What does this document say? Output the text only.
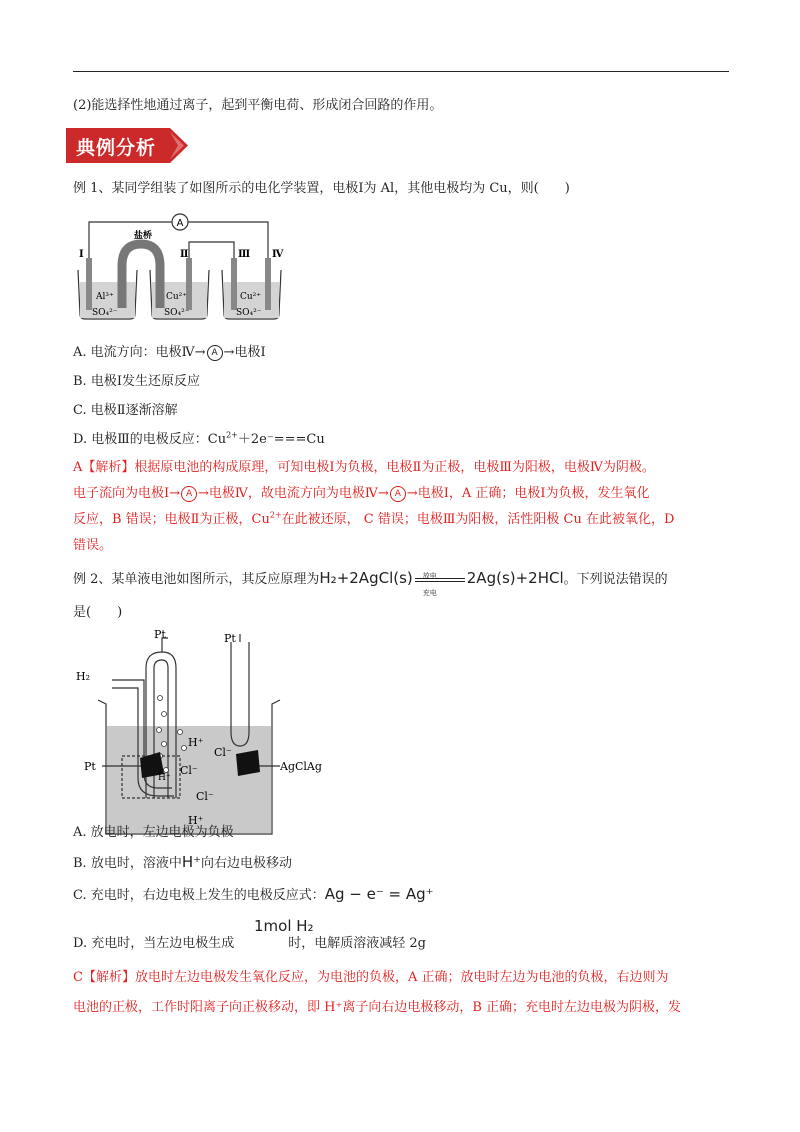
(2)能选择性地通过离子，起到平衡电荷、形成闭合回路的作用。
典例分析
例 1、某同学组装了如图所示的电化学装置，电极Ⅰ为 Al，其他电极均为 Cu，则(　　)
A
盐桥
Ⅰ	Ⅱ	Ⅲ Ⅳ
Al³⁺
SO₄²⁻
Cu²⁺
SO₄²⁻
Cu²⁺
SO₄²⁻
A. 电流方向：电极Ⅳ→ A →电极Ⅰ
B. 电极Ⅰ发生还原反应
C. 电极Ⅱ逐渐溶解
D. 电极Ⅲ的电极反应：$Cu^{2+}+2e^-===Cu$
A【解析】根据原电池的构成原理，可知电极Ⅰ为负极，电极Ⅱ为正极，电极Ⅲ为阳极，电极Ⅳ为阴极。
电子流向为电极Ⅰ→ A →电极Ⅳ，故电流方向为电极Ⅳ→ A →电极Ⅰ，A 正确；电极Ⅰ为负极，发生氧化
反应，B 错误；电极Ⅱ为正极，$Cu^{2+}$在此被还原， C 错误；电极Ⅲ为阳极，活性阳极 Cu 在此被氧化，D
错误。
例 2、某单液电池如图所示，其反应原理为H₂+2AgCl(s) 放电
充电
2Ag(s)+2HCl。下列说法错误的
是(　　)
Pt	Pt
H₂
Pt	AgClAg
H⁺
Cl⁻
Cl⁻
H⁺
Cl⁻
H⁺
A. 放电时，左边电极为负极
B. 放电时，溶液中H⁺向右边电极移动
C. 充电时，右边电极上发生的电极反应式：Ag − e⁻ = Ag⁺
1mol H₂
D. 充电时，当左边电极生成	时，电解质溶液减轻 2g
C【解析】放电时左边电极发生氧化反应，为电池的负极，A 正确；放电时左边为电池的负极，右边则为
电池的正极，工作时阳离子向正极移动，即 H⁺离子向右边电极移动，B 正确；充电时左边电极为阴极，发
